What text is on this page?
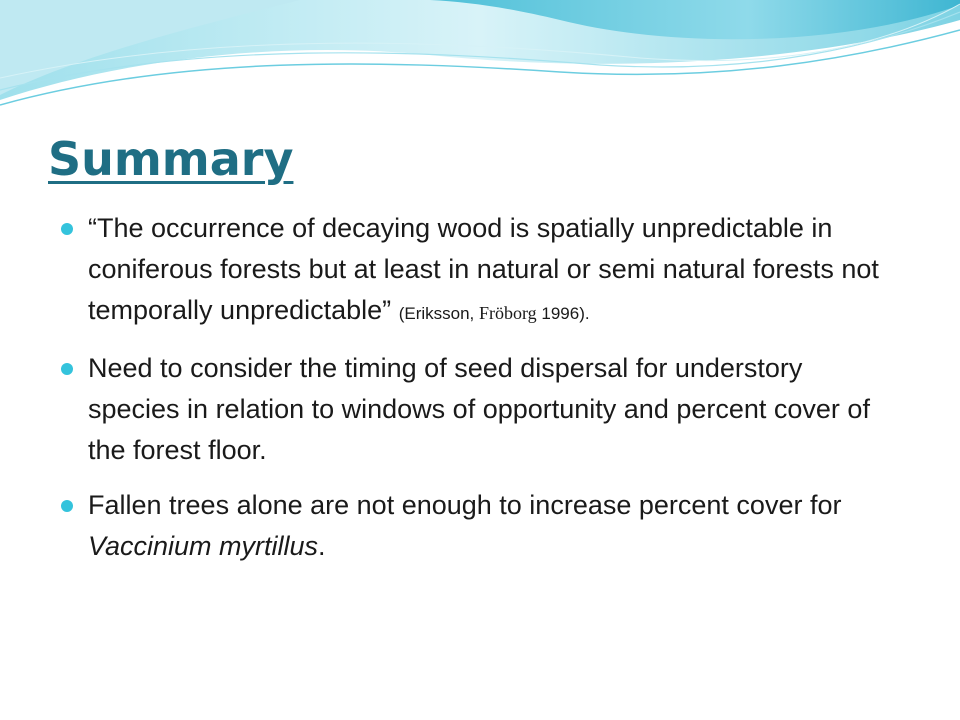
Summary
“The occurrence of decaying wood is spatially unpredictable in coniferous forests but at least in natural or semi natural forests not temporally unpredictable” (Eriksson, Fröborg 1996).
Need to consider the timing of seed dispersal for understory species in relation to windows of opportunity and percent cover of the forest floor.
Fallen trees alone are not enough to increase percent cover for Vaccinium myrtillus.
